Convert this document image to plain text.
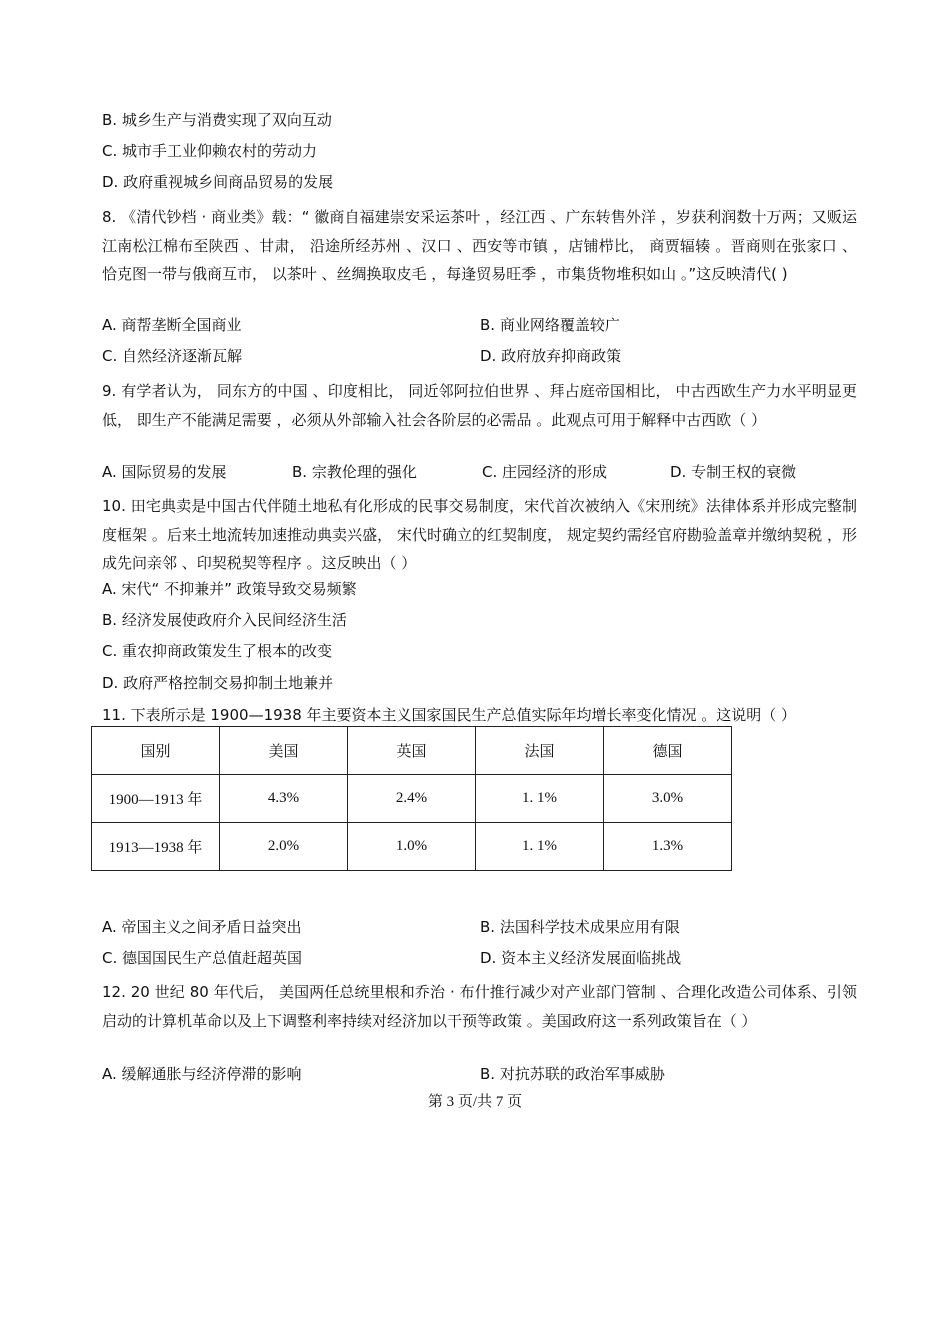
B. 城乡生产与消费实现了双向互动
C. 城市手工业仰赖农村的劳动力
D. 政府重视城乡间商品贸易的发展
8. 《清代钞档 · 商业类》载：“ 徽商自福建崇安采运茶叶 ，经江西 、广东转售外洋 ，岁获利润数十万两；又贩运江南松江棉布至陕西 、甘肃， 沿途所经苏州 、汉口 、西安等市镇 ，店铺栉比， 商贾辐辏 。晋商则在张家口 、恰克图一带与俄商互市， 以茶叶 、丝绸换取皮毛 ，每逢贸易旺季 ，市集货物堆积如山 。”这反映清代( )
A. 商帮垄断全国商业	B. 商业网络覆盖较广
C. 自然经济逐渐瓦解	D. 政府放弃抑商政策
9. 有学者认为， 同东方的中国 、印度相比， 同近邻阿拉伯世界 、拜占庭帝国相比， 中古西欧生产力水平明显更低， 即生产不能满足需要 ，必须从外部输入社会各阶层的必需品 。此观点可用于解释中古西欧（ ）
A. 国际贸易的发展	B. 宗教伦理的强化	C. 庄园经济的形成	D. 专制王权的衰微
10. 田宅典卖是中国古代伴随土地私有化形成的民事交易制度，宋代首次被纳入《宋刑统》法律体系并形成完整制度框架 。后来土地流转加速推动典卖兴盛， 宋代时确立的红契制度， 规定契约需经官府勘验盖章并缴纳契税 ，形成先问亲邻 、印契税契等程序 。这反映出（ ）
A. 宋代“ 不抑兼并” 政策导致交易频繁
B. 经济发展使政府介入民间经济生活
C. 重农抑商政策发生了根本的改变
D. 政府严格控制交易抑制土地兼并
11. 下表所示是 1900—1938 年主要资本主义国家国民生产总值实际年均增长率变化情况 。这说明（ ）
国别	美国	英国	法国	德国
1900—1913 年	4.3%	2.4%	1. 1%	3.0%
1913—1938 年	2.0%	1.0%	1. 1%	1.3%
A. 帝国主义之间矛盾日益突出	B. 法国科学技术成果应用有限
C. 德国国民生产总值赶超英国	D. 资本主义经济发展面临挑战
12. 20 世纪 80 年代后， 美国两任总统里根和乔治 · 布什推行减少对产业部门管制 、合理化改造公司体系、引领启动的计算机革命以及上下调整利率持续对经济加以干预等政策 。美国政府这一系列政策旨在（ ）
A. 缓解通胀与经济停滞的影响	B. 对抗苏联的政治军事威胁
第 3 页/共 7 页
